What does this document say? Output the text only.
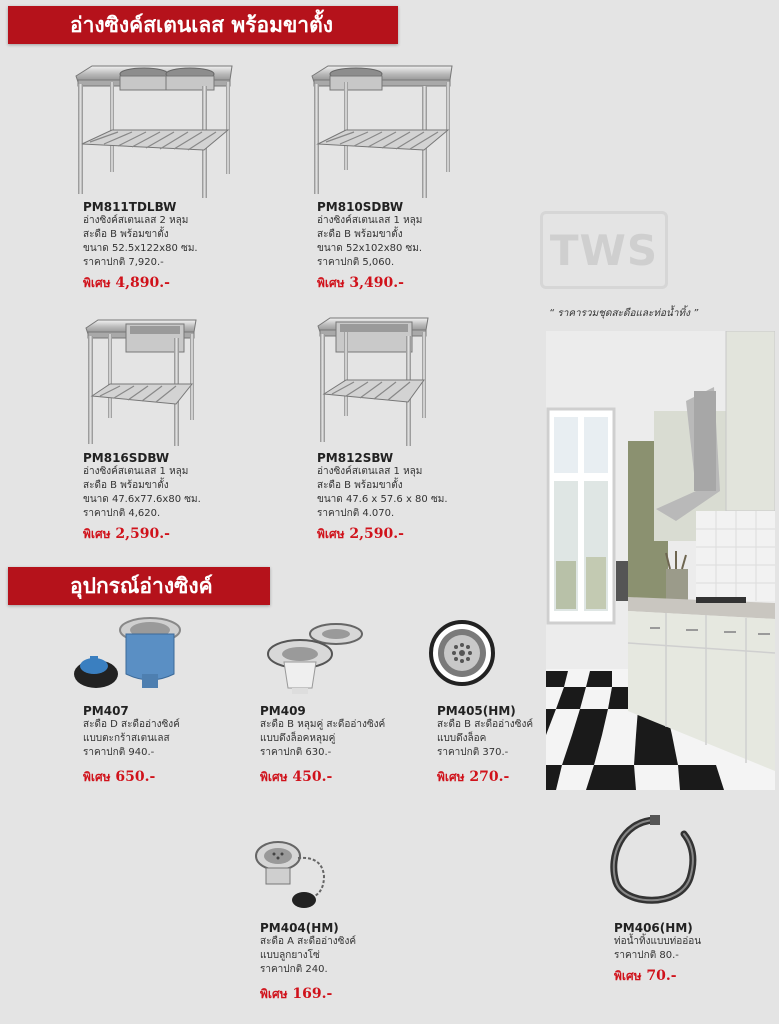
อ่างซิงค์สเตนเลส พร้อมขาตั้ง
PM811TDLBW
อ่างซิงค์สเตนเลส 2 หลุม
สะดือ B พร้อมขาตั้ง
ขนาด 52.5x122x80 ซม.
ราคาปกติ 7,920.-
พิเศษ 4,890.-
PM810SDBW
อ่างซิงค์สเตนเลส 1 หลุม
สะดือ B พร้อมขาตั้ง
ขนาด 52x102x80 ซม.
ราคาปกติ 5,060.
พิเศษ 3,490.-
PM816SDBW
อ่างซิงค์สเตนเลส 1 หลุม
สะดือ B พร้อมขาตั้ง
ขนาด 47.6x77.6x80 ซม.
ราคาปกติ 4,620.
พิเศษ 2,590.-
PM812SBW
อ่างซิงค์สเตนเลส 1 หลุม
สะดือ B พร้อมขาตั้ง
ขนาด 47.6 x 57.6 x 80 ซม.
ราคาปกติ 4.070.
พิเศษ 2,590.-
TWS
“ ราคารวมชุดสะดือและท่อน้ำทิ้ง ”
อุปกรณ์อ่างซิงค์
PM407
สะดือ D สะดืออ่างซิงค์
แบบตะกร้าสเตนเลส
ราคาปกติ 940.-
พิเศษ 650.-
PM409
สะดือ B หลุมคู่ สะดืออ่างซิงค์
แบบดึงล็อคหลุมคู่
ราคาปกติ 630.-
พิเศษ 450.-
PM405(HM)
สะดือ B สะดืออ่างซิงค์
แบบดึงล็อค
ราคาปกติ 370.-
พิเศษ 270.-
PM404(HM)
สะดือ A สะดืออ่างซิงค์
แบบลูกยางโซ่
ราคาปกติ 240.
พิเศษ 169.-
PM406(HM)
ท่อน้ำทิ้งแบบท่ออ่อน
ราคาปกติ 80.-
พิเศษ 70.-
